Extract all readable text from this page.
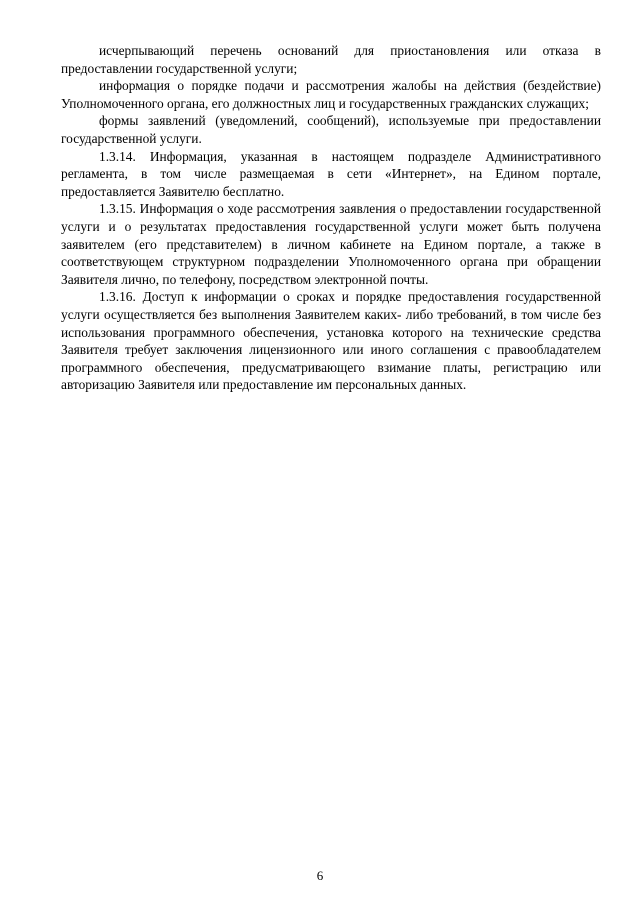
исчерпывающий перечень оснований для приостановления или отказа в предоставлении государственной услуги;

информация о порядке подачи и рассмотрения жалобы на действия (бездействие) Уполномоченного органа, его должностных лиц и государственных гражданских служащих;

формы заявлений (уведомлений, сообщений), используемые при предоставлении государственной услуги.

1.3.14. Информация, указанная в настоящем подразделе Административного регламента, в том числе размещаемая в сети «Интернет», на Едином портале, предоставляется Заявителю бесплатно.

1.3.15. Информация о ходе рассмотрения заявления о предоставлении государственной услуги и о результатах предоставления государственной услуги может быть получена заявителем (его представителем) в личном кабинете на Едином портале, а также в соответствующем структурном подразделении Уполномоченного органа при обращении Заявителя лично, по телефону, посредством электронной почты.

1.3.16. Доступ к информации о сроках и порядке предоставления государственной услуги осуществляется без выполнения Заявителем каких- либо требований, в том числе без использования программного обеспечения, установка которого на технические средства Заявителя требует заключения лицензионного или иного соглашения с правообладателем программного обеспечения, предусматривающего взимание платы, регистрацию или авторизацию Заявителя или предоставление им персональных данных.

6
